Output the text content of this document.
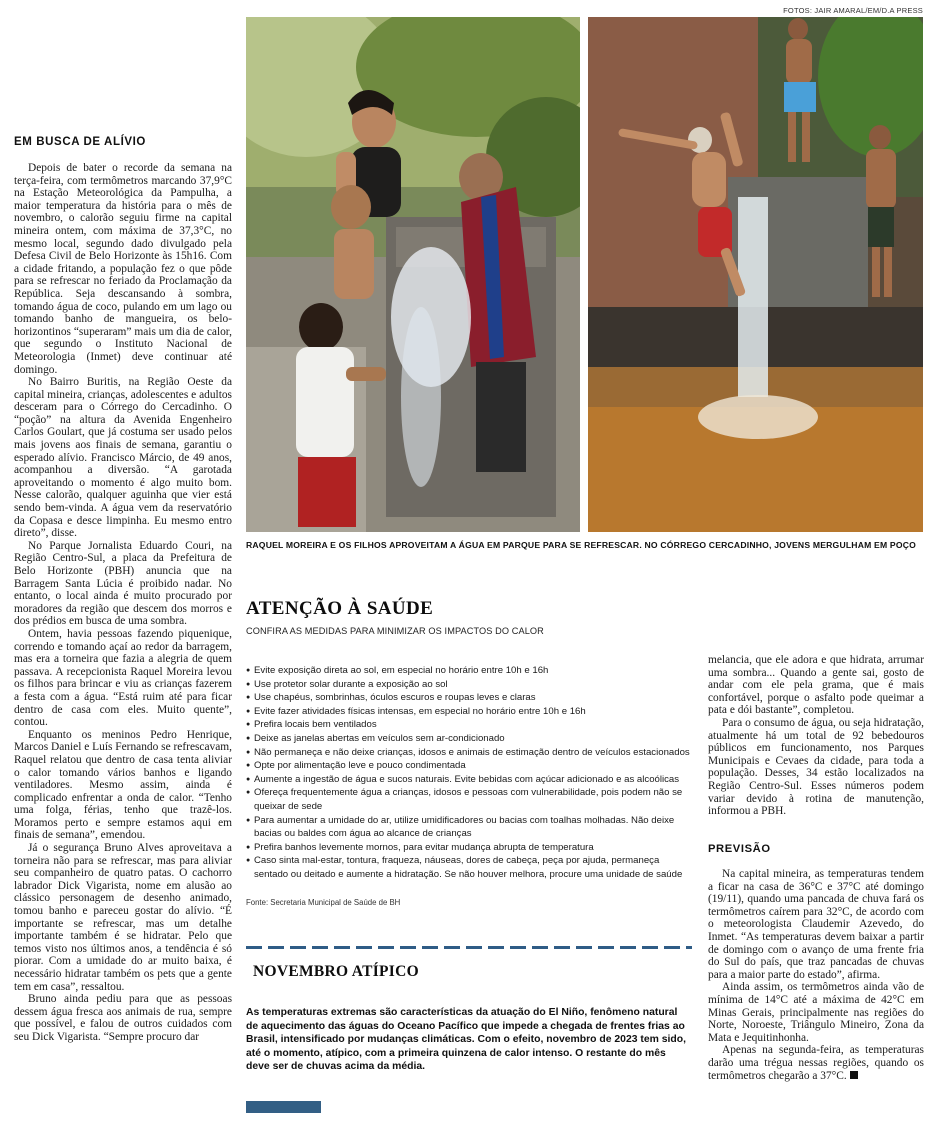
FOTOS: JAIR AMARAL/EM/D.A PRESS
EM BUSCA DE ALÍVIO

Depois de bater o recorde da semana na terça-feira, com termômetros marcando 37,9°C na Estação Meteorológica da Pampulha, a maior temperatura da história para o mês de novembro, o calorão seguiu firme na capital mineira ontem, com máxima de 37,3°C, no mesmo local, segundo dado divulgado pela Defesa Civil de Belo Horizonte às 15h16. Com a cidade fritando, a população fez o que pôde para se refrescar no feriado da Proclamação da República. Seja descansando à sombra, tomando água de coco, pulando em um lago ou tomando banho de mangueira, os belo-horizontinos “superaram” mais um dia de calor, que segundo o Instituto Nacional de Meteorologia (Inmet) deve continuar até domingo.

No Bairro Buritis, na Região Oeste da capital mineira, crianças, adolescentes e adultos desceram para o Córrego do Cercadinho. O “poção” na altura da Avenida Engenheiro Carlos Goulart, que já costuma ser usado pelos mais jovens aos finais de semana, garantiu o esperado alívio. Francisco Márcio, de 49 anos, acompanhou a diversão. “A garotada aproveitando o momento é algo muito bom. Nesse calorão, qualquer aguinha que vier está sendo bem-vinda. A água vem da reservatório da Copasa e desce limpinha. Eu mesmo entro direto”, disse.

No Parque Jornalista Eduardo Couri, na Região Centro-Sul, a placa da Prefeitura de Belo Horizonte (PBH) anuncia que na Barragem Santa Lúcia é proibido nadar. No entanto, o local ainda é muito procurado por moradores da região que descem dos morros e dos prédios em busca de uma sombra.

Ontem, havia pessoas fazendo piquenique, correndo e tomando açaí ao redor da barragem, mas era a torneira que fazia a alegria de quem passava. A recepcionista Raquel Moreira levou os filhos para brincar e viu as crianças fazerem a festa com a água. “Está ruim até para ficar dentro de casa com eles. Muito quente”, contou.

Enquanto os meninos Pedro Henrique, Marcos Daniel e Luís Fernando se refrescavam, Raquel relatou que dentro de casa tenta aliviar o calor tomando vários banhos e ligando ventiladores. Mesmo assim, ainda é complicado enfrentar a onda de calor. “Tenho uma folga, férias, tenho que trazê-los. Moramos perto e sempre estamos aqui em finais de semana”, emendou.

Já o segurança Bruno Alves aproveitava a torneira não para se refrescar, mas para aliviar seu companheiro de quatro patas. O cachorro labrador Dick Vigarista, nome em alusão ao clássico personagem de desenho animado, tomou banho e pareceu gostar do alívio. “É importante se refrescar, mas um detalhe importante também é se hidratar. Pelo que temos visto nos últimos anos, a tendência é só piorar. Com a umidade do ar muito baixa, é necessário hidratar também os pets que a gente tem em casa”, ressaltou.

Bruno ainda pediu para que as pessoas dessem água fresca aos animais de rua, sempre que possível, e falou de outros cuidados com seu Dick Vigarista. “Sempre procuro dar

RAQUEL MOREIRA E OS FILHOS APROVEITAM A ÁGUA EM PARQUE PARA SE REFRESCAR. NO CÓRREGO CERCADINHO, JOVENS MERGULHAM EM POÇO
ATENÇÃO À SAÚDE
CONFIRA AS MEDIDAS PARA MINIMIZAR OS IMPACTOS DO CALOR
● Evite exposição direta ao sol, em especial no horário entre 10h e 16h
● Use protetor solar durante a exposição ao sol
● Use chapéus, sombrinhas, óculos escuros e roupas leves e claras
● Evite fazer atividades físicas intensas, em especial no horário entre 10h e 16h
● Prefira locais bem ventilados
● Deixe as janelas abertas em veículos sem ar-condicionado
● Não permaneça e não deixe crianças, idosos e animais de estimação dentro de veículos estacionados
● Opte por alimentação leve e pouco condimentada
● Aumente a ingestão de água e sucos naturais. Evite bebidas com açúcar adicionado e as alcoólicas
● Ofereça frequentemente água a crianças, idosos e pessoas com vulnerabilidade, pois podem não se queixar de sede
● Para aumentar a umidade do ar, utilize umidificadores ou bacias com toalhas molhadas. Não deixe bacias ou baldes com água ao alcance de crianças
● Prefira banhos levemente mornos, para evitar mudança abrupta de temperatura
● Caso sinta mal-estar, tontura, fraqueza, náuseas, dores de cabeça, peça por ajuda, permaneça sentado ou deitado e aumente a hidratação. Se não houver melhora, procure uma unidade de saúde
Fonte: Secretaria Municipal de Saúde de BH
NOVEMBRO ATÍPICO
As temperaturas extremas são características da atuação do El Niño, fenômeno natural de aquecimento das águas do Oceano Pacífico que impede a chegada de frentes frias ao Brasil, intensificado por mudanças climáticas. Com o efeito, novembro de 2023 tem sido, até o momento, atípico, com a primeira quinzena de calor intenso. O restante do mês deve ser de chuvas acima da média.

melancia, que ele adora e que hidrata, arrumar uma sombra... Quando a gente sai, gosto de andar com ele pela grama, que é mais confortável, porque o asfalto pode queimar a pata e dói bastante”, completou.

Para o consumo de água, ou seja hidratação, atualmente há um total de 92 bebedouros públicos em funcionamento, nos Parques Municipais e Cevaes da cidade, para toda a população. Desses, 34 estão localizados na Região Centro-Sul. Esses números podem variar devido à rotina de manutenção, informou a PBH.

PREVISÃO

Na capital mineira, as temperaturas tendem a ficar na casa de 36°C e 37°C até domingo (19/11), quando uma pancada de chuva fará os termômetros caírem para 32°C, de acordo com o meteorologista Claudemir Azevedo, do Inmet. “As temperaturas devem baixar a partir de domingo com o avanço de uma frente fria do Sul do país, que traz pancadas de chuvas para a maior parte do estado”, afirma.

Ainda assim, os termômetros ainda vão de mínima de 14°C até a máxima de 42°C em Minas Gerais, principalmente nas regiões do Norte, Noroeste, Triângulo Mineiro, Zona da Mata e Jequitinhonha.

Apenas na segunda-feira, as temperaturas darão uma trégua nessas regiões, quando os termômetros chegarão a 37°C.
